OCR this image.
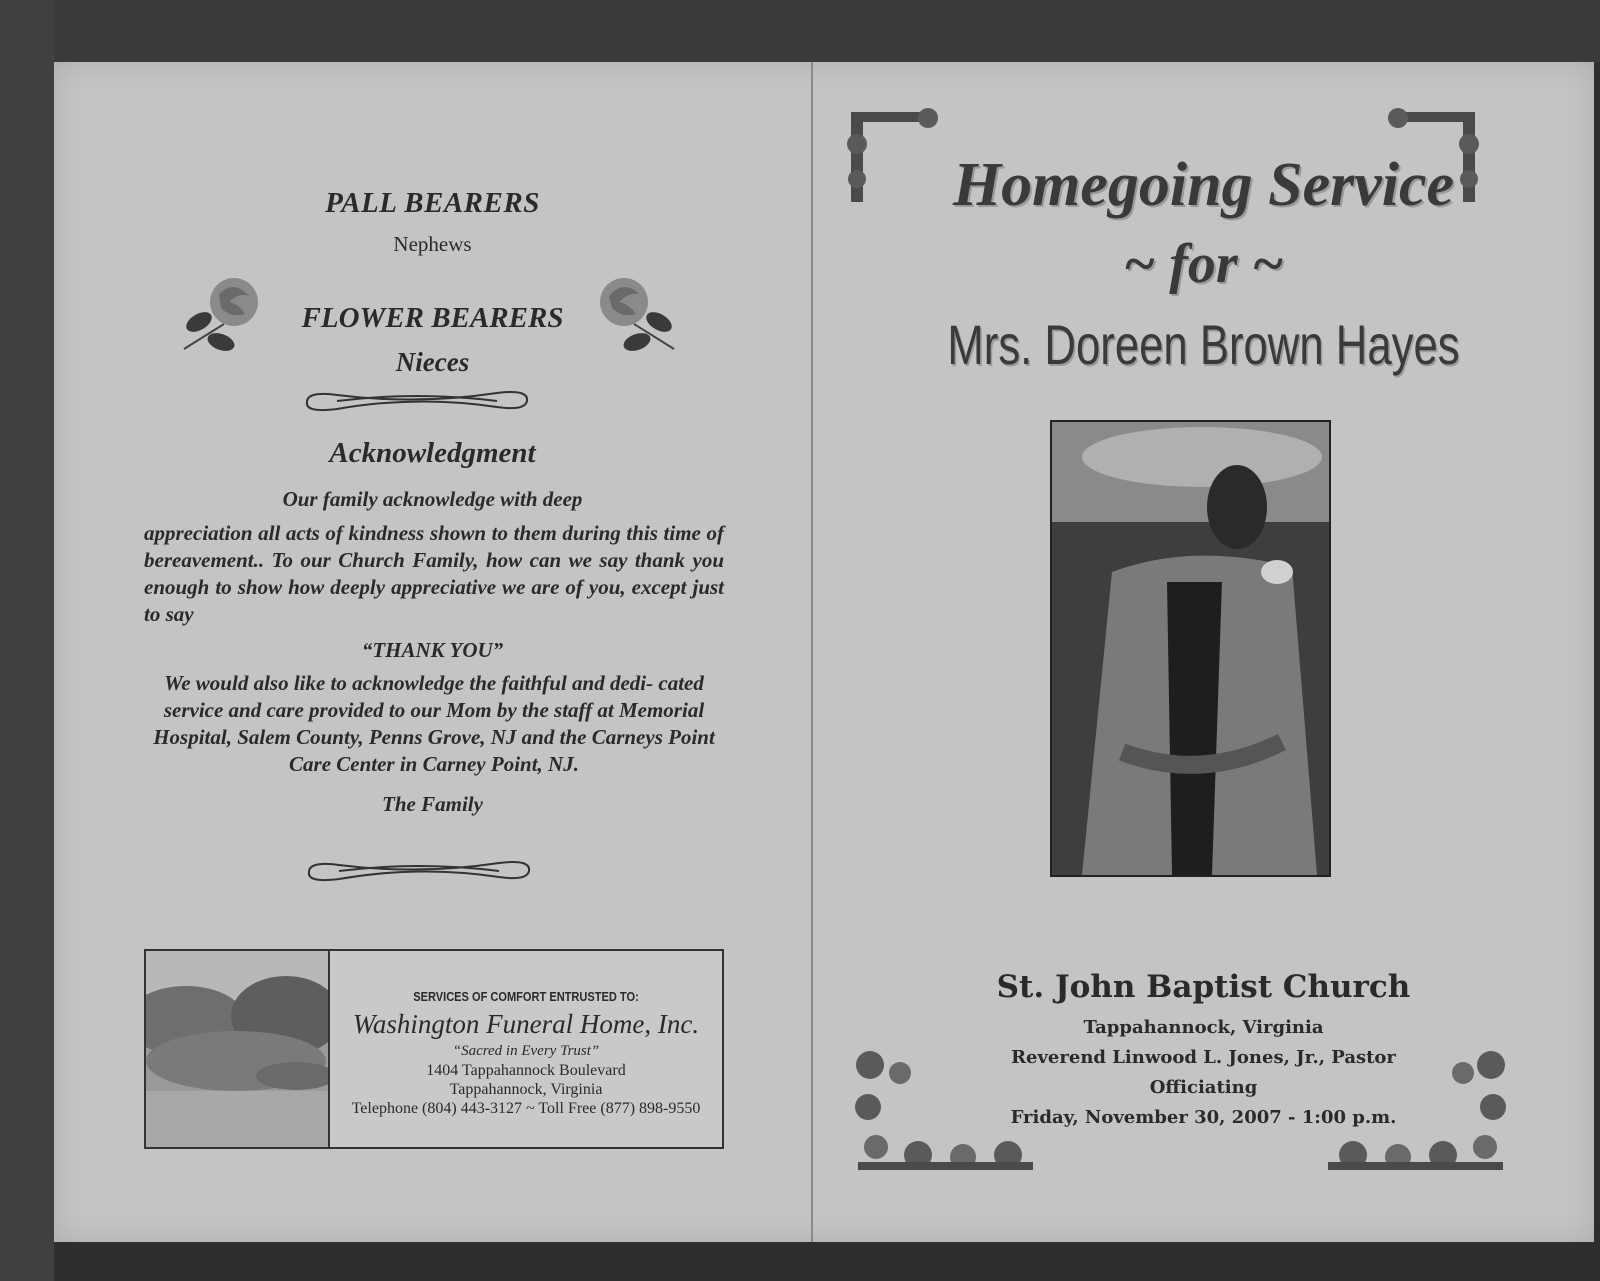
PALL BEARERS
Nephews
FLOWER BEARERS
Nieces
Acknowledgment
Our family acknowledge with deep
appreciation all acts of kindness shown to them during this time of bereavement.. To our Church Family, how can we say thank you enough to show how deeply appreciative we are of you, except just to say
“THANK YOU”
We would also like to acknowledge the faithful and dedi- cated service and care provided to our Mom by the staff at Memorial Hospital, Salem County, Penns Grove, NJ and the Carneys Point Care Center in Carney Point, NJ.
The Family
SERVICES OF COMFORT ENTRUSTED TO:
Washington Funeral Home, Inc.
“Sacred in Every Trust”
1404 Tappahannock Boulevard
Tappahannock, Virginia
Telephone (804) 443-3127 ~ Toll Free (877) 898-9550
Homegoing Service
~ for ~
Mrs. Doreen Brown Hayes
St. John Baptist Church
Tappahannock, Virginia
Reverend Linwood L. Jones, Jr., Pastor
Officiating
Friday, November 30, 2007 - 1:00 p.m.
